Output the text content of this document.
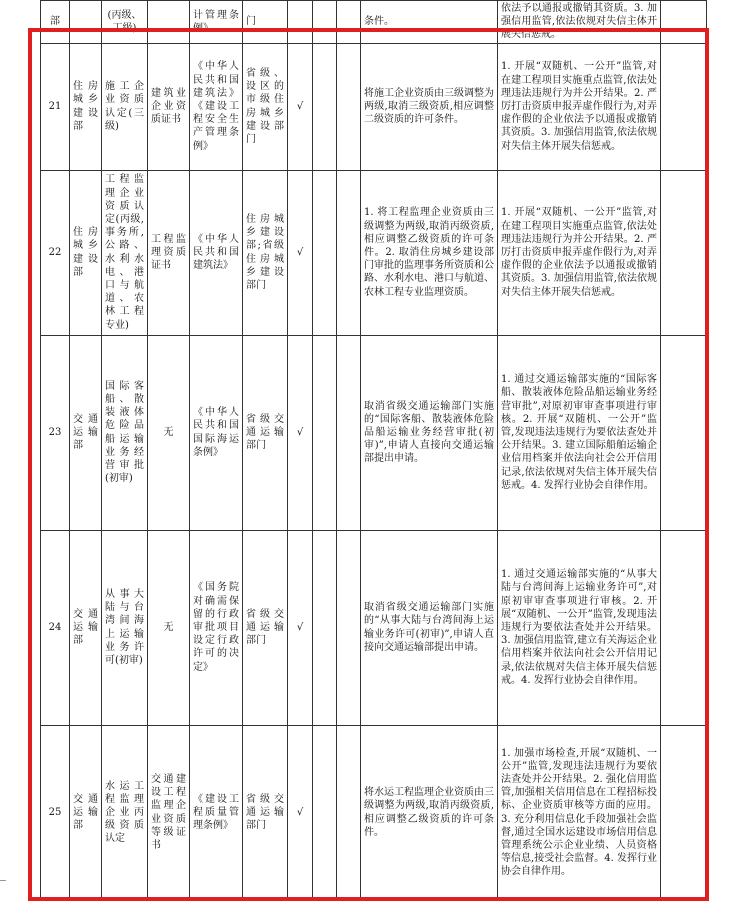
部		(丙级、丁级)		计管理条例》	门				条件。	依法予以通报或撤销其资质。3. 加强信用监管,依法依规对失信主体开展失信惩戒。	
21	住房城乡建设部	施工企业资质认定(三级)	建筑业企业资质证书	《中华人民共和国建筑法》《建设工程安全生产管理条例》	省级、设区的市级住房城乡建设部门	√			将施工企业资质由三级调整为两级,取消三级资质,相应调整二级资质的许可条件。	1. 开展“双随机、一公开”监管,对在建工程项目实施重点监管,依法处理违法违规行为并公开结果。2. 严厉打击资质申报弄虚作假行为,对弄虚作假的企业依法予以通报或撤销其资质。3. 加强信用监管,依法依规对失信主体开展失信惩戒。	
22	住房城乡建设部	工程监理企业资质认定(丙级,事务所,公路、水利水电、港口与航道、农林工程专业)	工程监理资质证书	《中华人民共和国建筑法》	住房城乡建设部;省级住房城乡建设部门	√			1. 将工程监理企业资质由三级调整为两级,取消丙级资质,相应调整乙级资质的许可条件。2. 取消住房城乡建设部门审批的监理事务所资质和公路、水利水电、港口与航道、农林工程专业监理资质。	1. 开展“双随机、一公开”监管,对在建工程项目实施重点监管,依法处理违法违规行为并公开结果。2. 严厉打击资质申报弄虚作假行为,对弄虚作假的企业依法予以通报或撤销其资质。3. 加强信用监管,依法依规对失信主体开展失信惩戒。	
23	交通运输部	国际客船、散装液体危险品船运输业务经营审批(初审)	无	《中华人民共和国国际海运条例》	省级交通运输部门	√			取消省级交通运输部门实施的“国际客船、散装液体危险品船运输业务经营审批(初审)”,申请人直接向交通运输部提出申请。	1. 通过交通运输部实施的“国际客船、散装液体危险品船运输业务经营审批”,对原初审审查事项进行审核。2. 开展“双随机、一公开”监管,发现违法违规行为要依法查处并公开结果。3. 建立国际船舶运输企业信用档案并依法向社会公开信用记录,依法依规对失信主体开展失信惩戒。4. 发挥行业协会自律作用。	
24	交通运输部	从事大陆与台湾间海上运输业务许可(初审)	无	《国务院对确需保留的行政审批项目设定行政许可的决定》	省级交通运输部门	√			取消省级交通运输部门实施的“从事大陆与台湾间海上运输业务许可(初审)”,申请人直接向交通运输部提出申请。	1. 通过交通运输部实施的“从事大陆与台湾间海上运输业务许可”,对原初审审查事项进行审核。2. 开展“双随机、一公开”监管,发现违法违规行为要依法查处并公开结果。3. 加强信用监管,建立有关海运企业信用档案并依法向社会公开信用记录,依法依规对失信主体开展失信惩戒。4. 发挥行业协会自律作用。	
25	交通运输部	水运工程监理企业丙级资质认定	交通建设工程监理企业资质等级证书	《建设工程质量管理条例》	省级交通运输部门	√			将水运工程监理企业资质由三级调整为两级,取消丙级资质,相应调整乙级资质的许可条件。	1. 加强市场检查,开展“双随机、一公开”监管,发现违法违规行为要依法查处并公开结果。2. 强化信用监管,加强相关信用信息在工程招标投标、企业资质审核等方面的应用。3. 充分利用信息化手段加强社会监督,通过全国水运建设市场信用信息管理系统公示企业业绩、人员资格等信息,接受社会监督。4. 发挥行业协会自律作用。	
